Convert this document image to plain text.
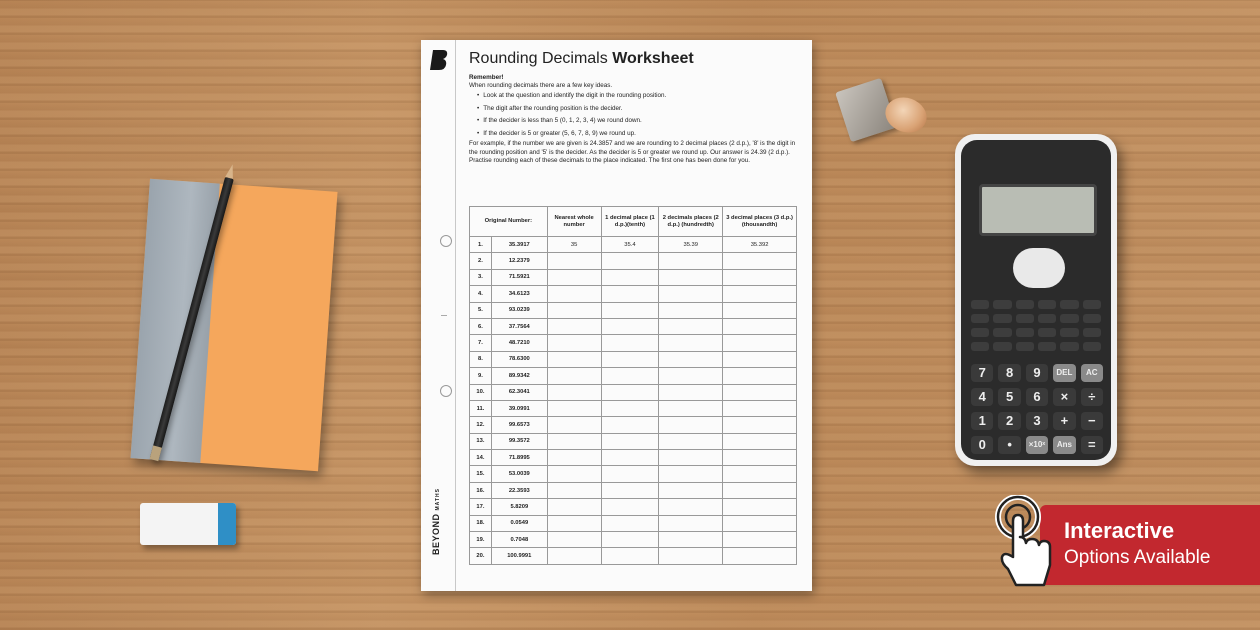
7	8	9	DEL	AC
4	5	6	×	÷
1	2	3	+	−
0	•	×10ˣ	Ans	=
BEYONDMATHS
Rounding Decimals Worksheet

Remember!

When rounding decimals there are a few key ideas.

• Look at the question and identify the digit in the rounding position.
• The digit after the rounding position is the decider.
• If the decider is less than 5 (0, 1, 2, 3, 4) we round down.
• If the decider is 5 or greater (5, 6, 7, 8, 9) we round up.

For example, if the number we are given is 24.3857 and we are rounding to 2 decimal places (2 d.p.), '8' is the digit in the rounding position and '5' is the decider. As the decider is 5 or greater we round up. Our answer is 24.39 (2 d.p.).

Practise rounding each of these decimals to the place indicated. The first one has been done for you.

Original Number:		Nearest whole number	1 decimal place (1 d.p.)(tenth)	2 decimals places (2 d.p.) (hundredth)	3 decimal places (3 d.p.)(thousandth)
1.	35.3917	35	35.4	35.39	35.392
2.	12.2379				
3.	71.5921				
4.	34.6123				
5.	93.0239				
6.	37.7564				
7.	48.7210				
8.	78.6300				
9.	89.9342				
10.	62.3041				
11.	39.0991				
12.	99.6573				
13.	99.3572				
14.	71.8995				
15.	53.0039				
16.	22.3593				
17.	5.8209				
18.	0.0549				
19.	0.7048				
20.	100.9991				
Interactive
Options Available
